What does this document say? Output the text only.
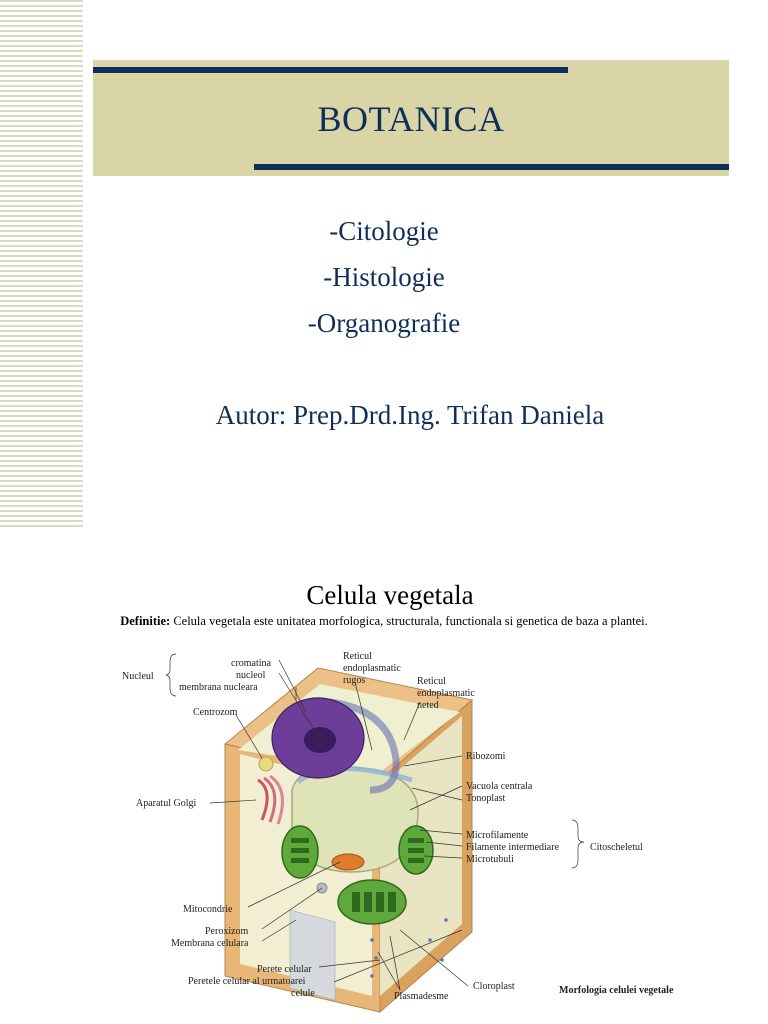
BOTANICA
-Citologie
-Histologie
-Organografie
Autor: Prep.Drd.Ing. Trifan Daniela
Celula vegetala
Definitie: Celula vegetala este unitatea morfologica, structurala, functionala si genetica de baza a plantei.
Nucleul
cromatina
nucleol
membrana nucleara
Reticul
endoplasmatic
rugos	Reticul
endoplasmatic
neted
Centrozom
Ribozomi
Vacuola centrala
Tonoplast
Aparatul Golgi
Microfilamente
Filamente intermediare
Microtubuli
Citoscheletul
Mitocondrie
Peroxizom
Membrana celulara
Perete celular
Peretele celular al urmatoarei
celule	Plasmadesme
Cloroplast	Morfologia celulei vegetale
